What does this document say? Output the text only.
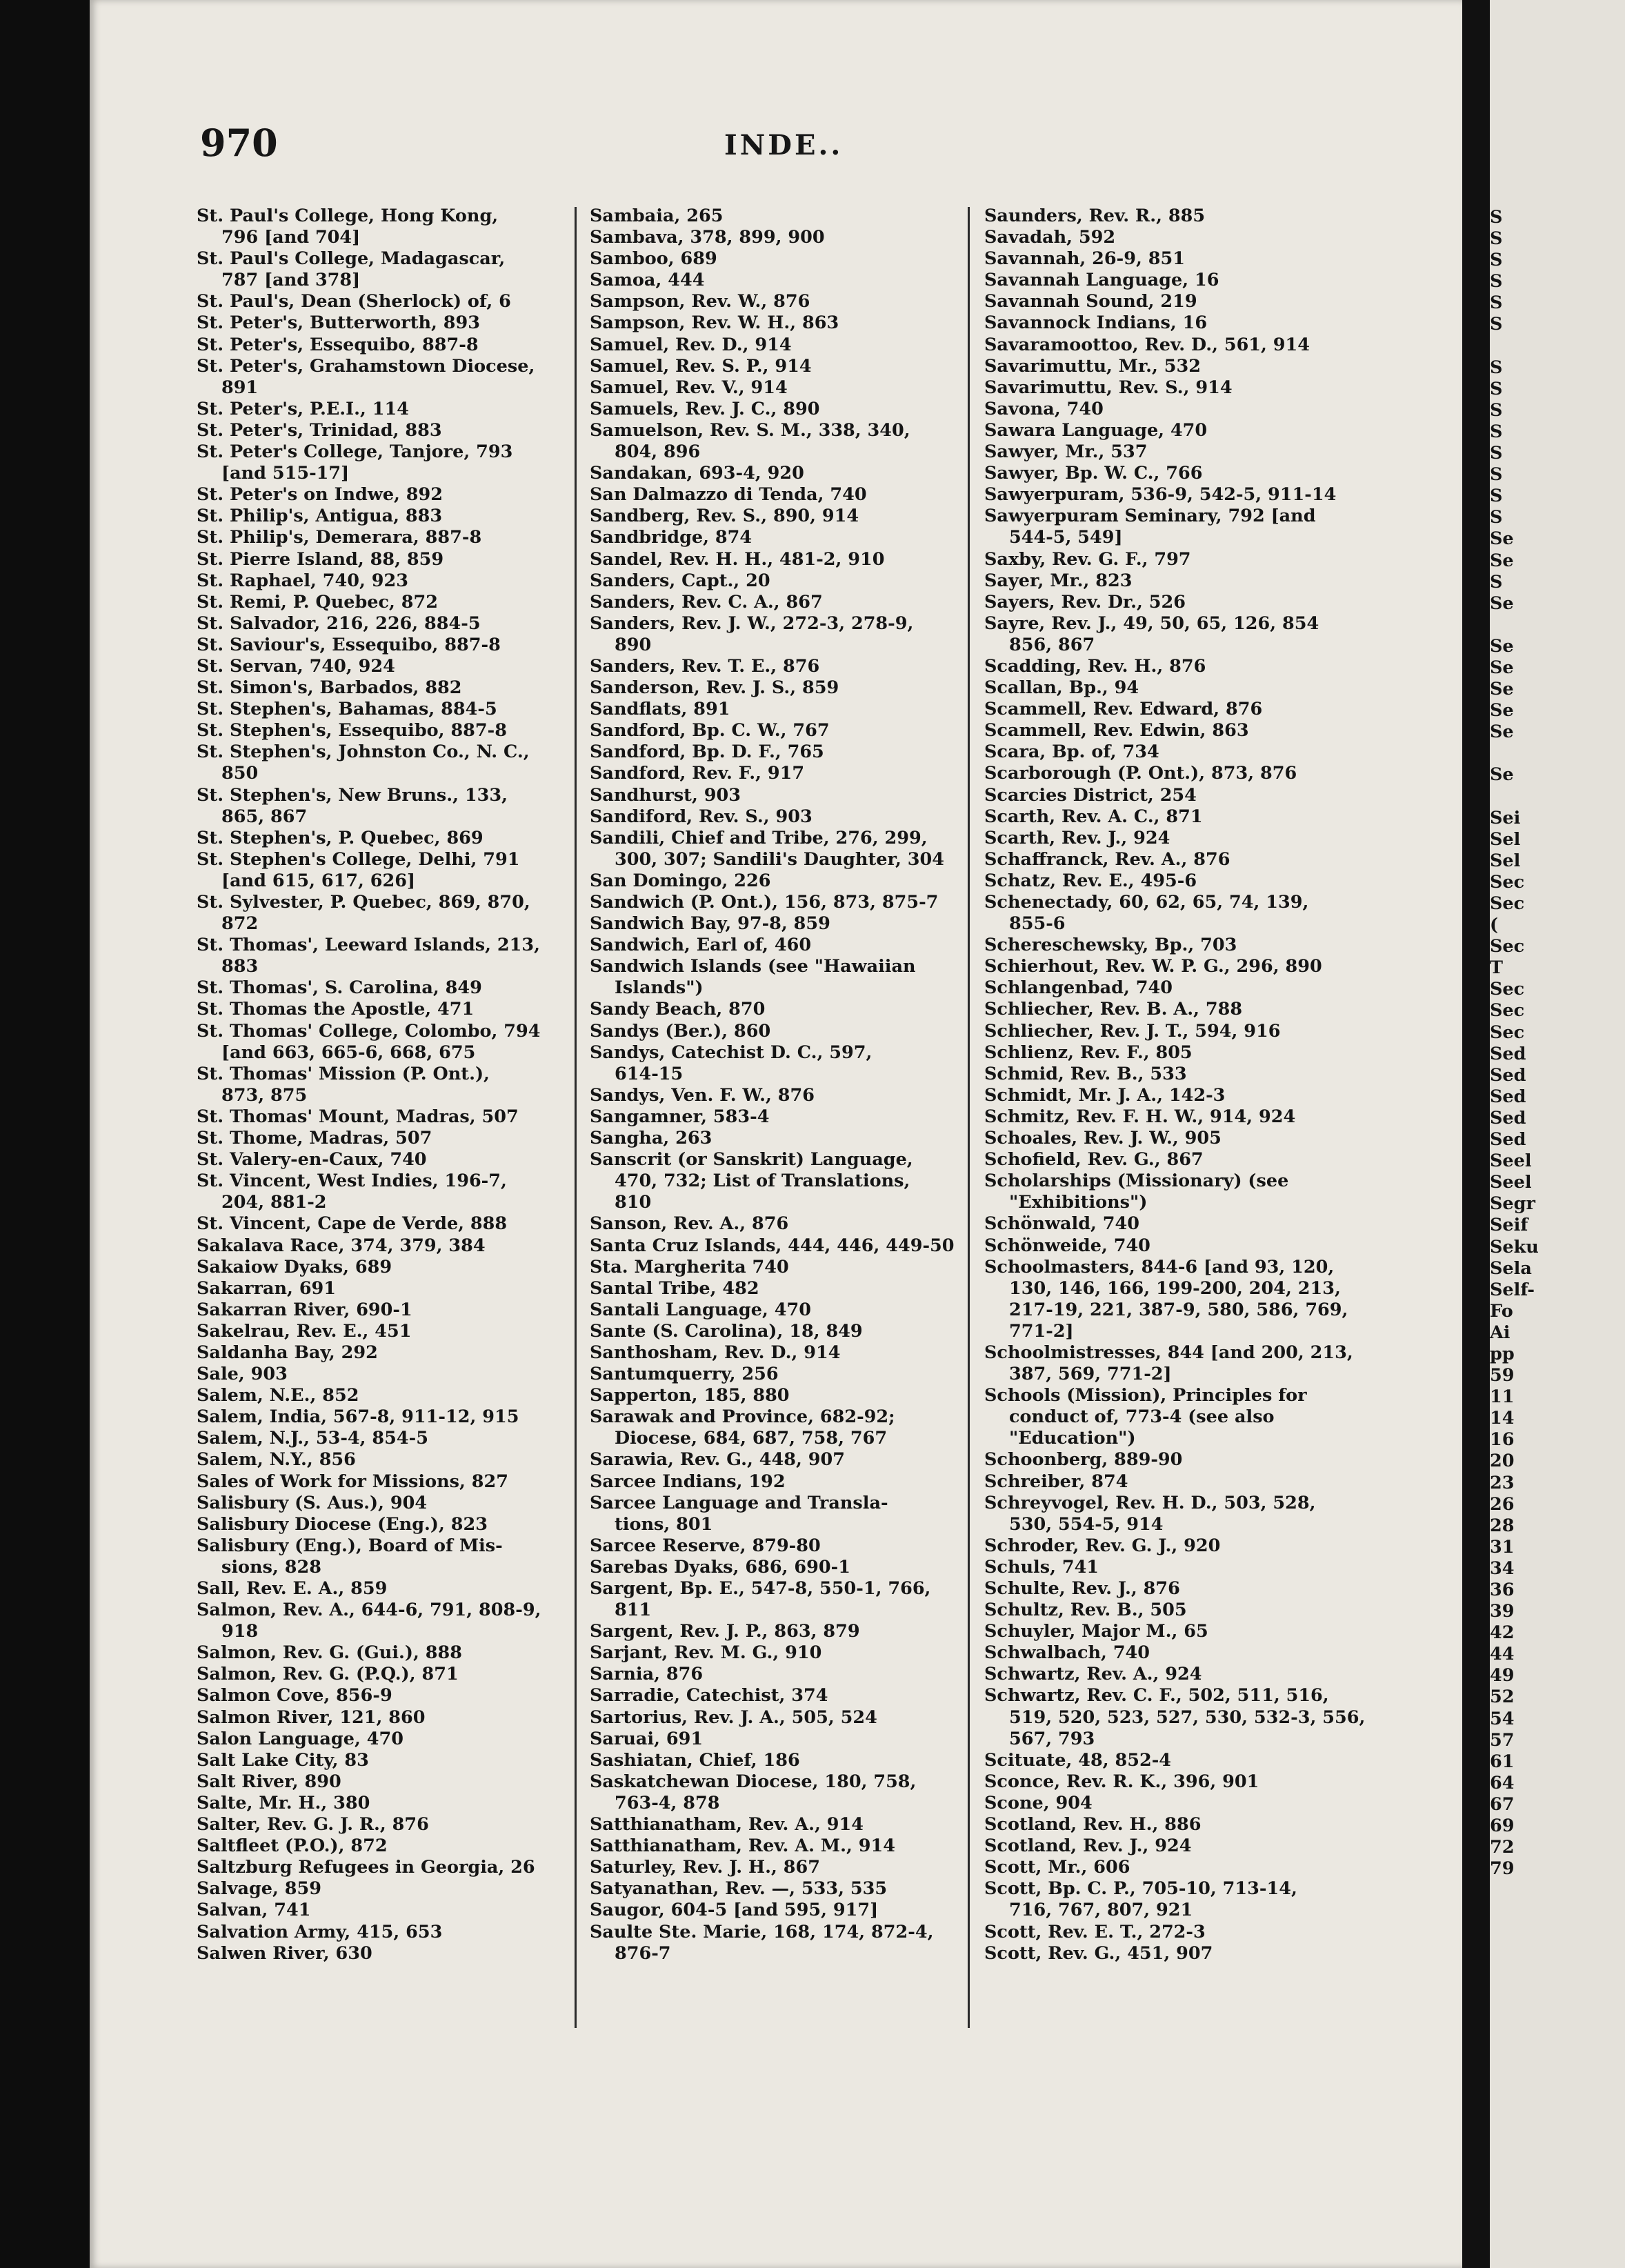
S
S
S
S
S
S
S
S
S
S
S
S
S
S
Se
Se
S
Se
Se
Se
Se
Se
Se
Se
Sei
Sel
Sel
Sec
Sec
(
Sec
T
Sec
Sec
Sec
Sed
Sed
Sed
Sed
Sed
Seel
Seel
Segr
Seif
Seku
Sela
Self-
Fo
Ai
pp
59
11
14
16
20
23
26
28
31
34
36
39
42
44
49
52
54
57
61
64
67
69
72
79
970	INDE..
St. Paul's College, Hong Kong,
796 [and 704]
St. Paul's College, Madagascar,
787 [and 378]
St. Paul's, Dean (Sherlock) of, 6
St. Peter's, Butterworth, 893
St. Peter's, Essequibo, 887-8
St. Peter's, Grahamstown Diocese,
891
St. Peter's, P.E.I., 114
St. Peter's, Trinidad, 883
St. Peter's College, Tanjore, 793
[and 515-17]
St. Peter's on Indwe, 892
St. Philip's, Antigua, 883
St. Philip's, Demerara, 887-8
St. Pierre Island, 88, 859
St. Raphael, 740, 923
St. Remi, P. Quebec, 872
St. Salvador, 216, 226, 884-5
St. Saviour's, Essequibo, 887-8
St. Servan, 740, 924
St. Simon's, Barbados, 882
St. Stephen's, Bahamas, 884-5
St. Stephen's, Essequibo, 887-8
St. Stephen's, Johnston Co., N. C.,
850
St. Stephen's, New Bruns., 133,
865, 867
St. Stephen's, P. Quebec, 869
St. Stephen's College, Delhi, 791
[and 615, 617, 626]
St. Sylvester, P. Quebec, 869, 870,
872
St. Thomas', Leeward Islands, 213,
883
St. Thomas', S. Carolina, 849
St. Thomas the Apostle, 471
St. Thomas' College, Colombo, 794
[and 663, 665-6, 668, 675
St. Thomas' Mission (P. Ont.),
873, 875
St. Thomas' Mount, Madras, 507
St. Thome, Madras, 507
St. Valery-en-Caux, 740
St. Vincent, West Indies, 196-7,
204, 881-2
St. Vincent, Cape de Verde, 888
Sakalava Race, 374, 379, 384
Sakaiow Dyaks, 689
Sakarran, 691
Sakarran River, 690-1
Sakelrau, Rev. E., 451
Saldanha Bay, 292
Sale, 903
Salem, N.E., 852
Salem, India, 567-8, 911-12, 915
Salem, N.J., 53-4, 854-5
Salem, N.Y., 856
Sales of Work for Missions, 827
Salisbury (S. Aus.), 904
Salisbury Diocese (Eng.), 823
Salisbury (Eng.), Board of Mis-
sions, 828
Sall, Rev. E. A., 859
Salmon, Rev. A., 644-6, 791, 808-9,
918
Salmon, Rev. G. (Gui.), 888
Salmon, Rev. G. (P.Q.), 871
Salmon Cove, 856-9
Salmon River, 121, 860
Salon Language, 470
Salt Lake City, 83
Salt River, 890
Salte, Mr. H., 380
Salter, Rev. G. J. R., 876
Saltfleet (P.O.), 872
Saltzburg Refugees in Georgia, 26
Salvage, 859
Salvan, 741
Salvation Army, 415, 653
Salwen River, 630
Sambaia, 265
Sambava, 378, 899, 900
Samboo, 689
Samoa, 444
Sampson, Rev. W., 876
Sampson, Rev. W. H., 863
Samuel, Rev. D., 914
Samuel, Rev. S. P., 914
Samuel, Rev. V., 914
Samuels, Rev. J. C., 890
Samuelson, Rev. S. M., 338, 340,
804, 896
Sandakan, 693-4, 920
San Dalmazzo di Tenda, 740
Sandberg, Rev. S., 890, 914
Sandbridge, 874
Sandel, Rev. H. H., 481-2, 910
Sanders, Capt., 20
Sanders, Rev. C. A., 867
Sanders, Rev. J. W., 272-3, 278-9,
890
Sanders, Rev. T. E., 876
Sanderson, Rev. J. S., 859
Sandflats, 891
Sandford, Bp. C. W., 767
Sandford, Bp. D. F., 765
Sandford, Rev. F., 917
Sandhurst, 903
Sandiford, Rev. S., 903
Sandili, Chief and Tribe, 276, 299,
300, 307; Sandili's Daughter, 304
San Domingo, 226
Sandwich (P. Ont.), 156, 873, 875-7
Sandwich Bay, 97-8, 859
Sandwich, Earl of, 460
Sandwich Islands (see "Hawaiian
Islands")
Sandy Beach, 870
Sandys (Ber.), 860
Sandys, Catechist D. C., 597,
614-15
Sandys, Ven. F. W., 876
Sangamner, 583-4
Sangha, 263
Sanscrit (or Sanskrit) Language,
470, 732; List of Translations,
810
Sanson, Rev. A., 876
Santa Cruz Islands, 444, 446, 449-50
Sta. Margherita 740
Santal Tribe, 482
Santali Language, 470
Sante (S. Carolina), 18, 849
Santhosham, Rev. D., 914
Santumquerry, 256
Sapperton, 185, 880
Sarawak and Province, 682-92;
Diocese, 684, 687, 758, 767
Sarawia, Rev. G., 448, 907
Sarcee Indians, 192
Sarcee Language and Transla-
tions, 801
Sarcee Reserve, 879-80
Sarebas Dyaks, 686, 690-1
Sargent, Bp. E., 547-8, 550-1, 766,
811
Sargent, Rev. J. P., 863, 879
Sarjant, Rev. M. G., 910
Sarnia, 876
Sarradie, Catechist, 374
Sartorius, Rev. J. A., 505, 524
Saruai, 691
Sashiatan, Chief, 186
Saskatchewan Diocese, 180, 758,
763-4, 878
Satthianatham, Rev. A., 914
Satthianatham, Rev. A. M., 914
Saturley, Rev. J. H., 867
Satyanathan, Rev. —, 533, 535
Saugor, 604-5 [and 595, 917]
Saulte Ste. Marie, 168, 174, 872-4,
876-7
Saunders, Rev. R., 885
Savadah, 592
Savannah, 26-9, 851
Savannah Language, 16
Savannah Sound, 219
Savannock Indians, 16
Savaramoottoo, Rev. D., 561, 914
Savarimuttu, Mr., 532
Savarimuttu, Rev. S., 914
Savona, 740
Sawara Language, 470
Sawyer, Mr., 537
Sawyer, Bp. W. C., 766
Sawyerpuram, 536-9, 542-5, 911-14
Sawyerpuram Seminary, 792 [and
544-5, 549]
Saxby, Rev. G. F., 797
Sayer, Mr., 823
Sayers, Rev. Dr., 526
Sayre, Rev. J., 49, 50, 65, 126, 854
856, 867
Scadding, Rev. H., 876
Scallan, Bp., 94
Scammell, Rev. Edward, 876
Scammell, Rev. Edwin, 863
Scara, Bp. of, 734
Scarborough (P. Ont.), 873, 876
Scarcies District, 254
Scarth, Rev. A. C., 871
Scarth, Rev. J., 924
Schaffranck, Rev. A., 876
Schatz, Rev. E., 495-6
Schenectady, 60, 62, 65, 74, 139,
855-6
Schereschewsky, Bp., 703
Schierhout, Rev. W. P. G., 296, 890
Schlangenbad, 740
Schliecher, Rev. B. A., 788
Schliecher, Rev. J. T., 594, 916
Schlienz, Rev. F., 805
Schmid, Rev. B., 533
Schmidt, Mr. J. A., 142-3
Schmitz, Rev. F. H. W., 914, 924
Schoales, Rev. J. W., 905
Schofield, Rev. G., 867
Scholarships (Missionary) (see
"Exhibitions")
Schönwald, 740
Schönweide, 740
Schoolmasters, 844-6 [and 93, 120,
130, 146, 166, 199-200, 204, 213,
217-19, 221, 387-9, 580, 586, 769,
771-2]
Schoolmistresses, 844 [and 200, 213,
387, 569, 771-2]
Schools (Mission), Principles for
conduct of, 773-4 (see also
"Education")
Schoonberg, 889-90
Schreiber, 874
Schreyvogel, Rev. H. D., 503, 528,
530, 554-5, 914
Schroder, Rev. G. J., 920
Schuls, 741
Schulte, Rev. J., 876
Schultz, Rev. B., 505
Schuyler, Major M., 65
Schwalbach, 740
Schwartz, Rev. A., 924
Schwartz, Rev. C. F., 502, 511, 516,
519, 520, 523, 527, 530, 532-3, 556,
567, 793
Scituate, 48, 852-4
Sconce, Rev. R. K., 396, 901
Scone, 904
Scotland, Rev. H., 886
Scotland, Rev. J., 924
Scott, Mr., 606
Scott, Bp. C. P., 705-10, 713-14,
716, 767, 807, 921
Scott, Rev. E. T., 272-3
Scott, Rev. G., 451, 907
